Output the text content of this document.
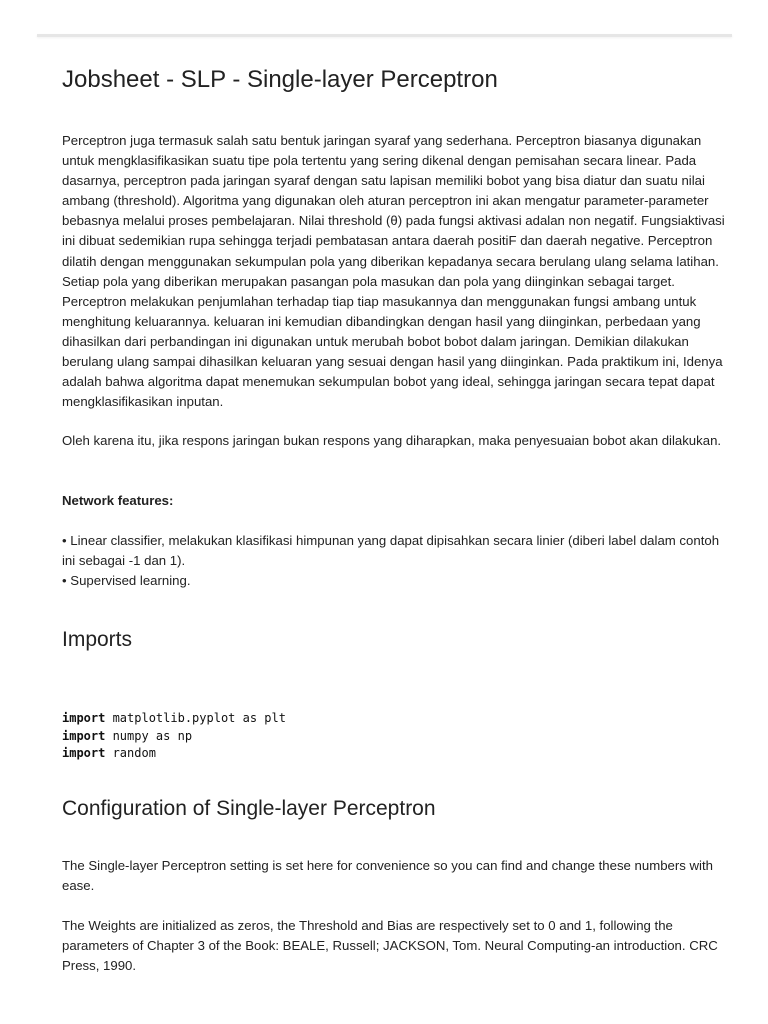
Jobsheet - SLP - Single-layer Perceptron

Perceptron juga termasuk salah satu bentuk jaringan syaraf yang sederhana. Perceptron biasanya digunakan untuk mengklasifikasikan suatu tipe pola tertentu yang sering dikenal dengan pemisahan secara linear. Pada dasarnya, perceptron pada jaringan syaraf dengan satu lapisan memiliki bobot yang bisa diatur dan suatu nilai ambang (threshold). Algoritma yang digunakan oleh aturan perceptron ini akan mengatur parameter-parameter bebasnya melalui proses pembelajaran. Nilai threshold (θ) pada fungsi aktivasi adalan non negatif. Fungsiaktivasi ini dibuat sedemikian rupa sehingga terjadi pembatasan antara daerah positiF dan daerah negative. Perceptron dilatih dengan menggunakan sekumpulan pola yang diberikan kepadanya secara berulang ulang selama latihan. Setiap pola yang diberikan merupakan pasangan pola masukan dan pola yang diinginkan sebagai target. Perceptron melakukan penjumlahan terhadap tiap tiap masukannya dan menggunakan fungsi ambang untuk menghitung keluarannya. keluaran ini kemudian dibandingkan dengan hasil yang diinginkan, perbedaan yang dihasilkan dari perbandingan ini digunakan untuk merubah bobot bobot dalam jaringan. Demikian dilakukan berulang ulang sampai dihasilkan keluaran yang sesuai dengan hasil yang diinginkan. Pada praktikum ini, Idenya adalah bahwa algoritma dapat menemukan sekumpulan bobot yang ideal, sehingga jaringan secara tepat dapat mengklasifikasikan inputan.

Oleh karena itu, jika respons jaringan bukan respons yang diharapkan, maka penyesuaian bobot akan dilakukan.

Network features:

• Linear classifier, melakukan klasifikasi himpunan yang dapat dipisahkan secara linier (diberi label dalam contoh ini sebagai -1 dan 1).
• Supervised learning.
Imports
import matplotlib.pyplot as plt
import numpy as np
import random
Configuration of Single-layer Perceptron

The Single-layer Perceptron setting is set here for convenience so you can find and change these numbers with ease.

The Weights are initialized as zeros, the Threshold and Bias are respectively set to 0 and 1, following the parameters of Chapter 3 of the Book: BEALE, Russell; JACKSON, Tom. Neural Computing-an introduction. CRC Press, 1990.
